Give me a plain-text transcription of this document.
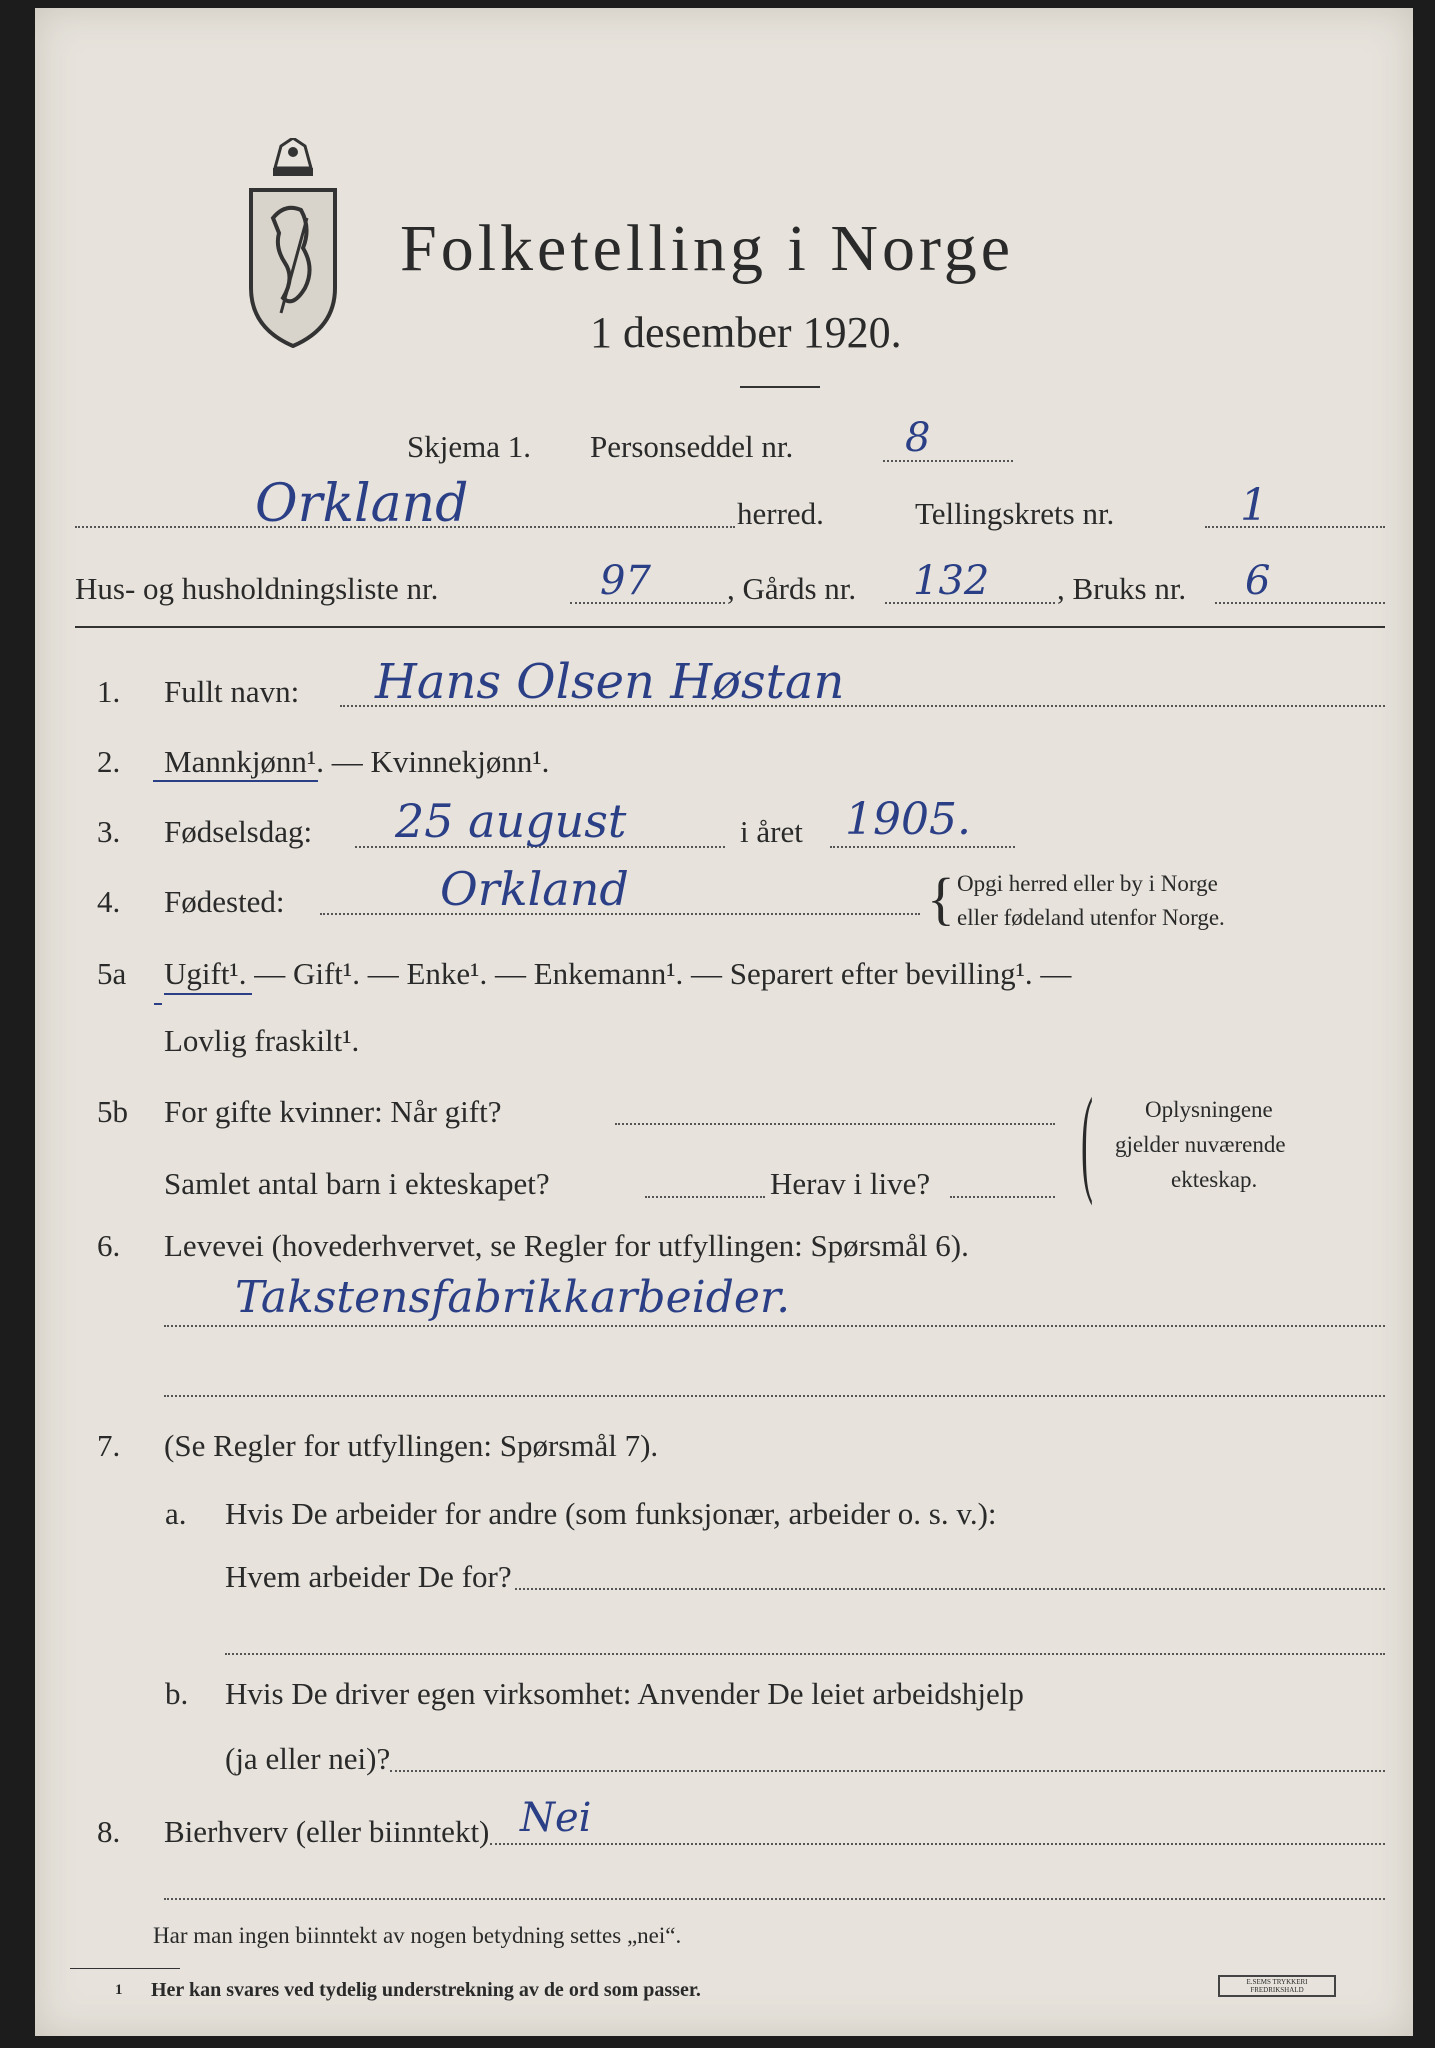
Folketelling i Norge
1 desember 1920.
Skjema 1. Personseddel nr.	8
Orkland	herred.	Tellingskrets nr.	1
Hus- og husholdningsliste nr.	97 , Gårds nr. 132 , Bruks nr. 6
1. Fullt navn: Hans Olsen Høstan
2. Mannkjønn¹. — Kvinnekjønn¹.
3. Fødselsdag: 25 august	i året 1905.
4. Fødested:	Orkland	{ Opgi herred eller by i Norge
eller fødeland utenfor Norge.
5a Ugift¹. — Gift¹. — Enke¹. — Enkemann¹. — Separert efter bevilling¹. —
Lovlig fraskilt¹.
5b For gifte kvinner: Når gift?
Samlet antal barn i ekteskapet?	Herav i live? ( Oplysningene
gjelder nuværende
ekteskap.
6. Levevei (hovederhvervet, se Regler for utfyllingen: Spørsmål 6).
Takstensfabrikkarbeider.
7. (Se Regler for utfyllingen: Spørsmål 7).
a. Hvis De arbeider for andre (som funksjonær, arbeider o. s. v.):
Hvem arbeider De for?
b. Hvis De driver egen virksomhet: Anvender De leiet arbeidshjelp
(ja eller nei)?
8. Bierhverv (eller biinntekt) Nei
Har man ingen biinntekt av nogen betydning settes „nei“.
1 Her kan svares ved tydelig understrekning av de ord som passer.	E.SEMS TRYKKERI FREDRIKSHALD
